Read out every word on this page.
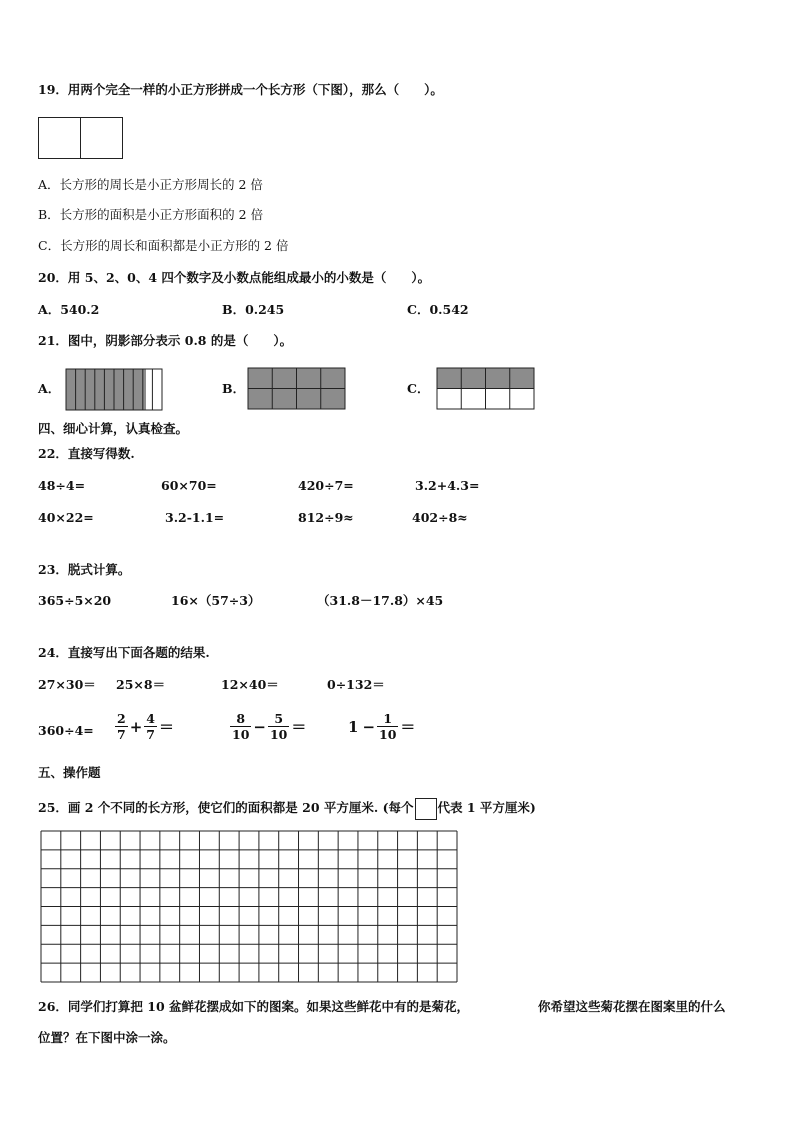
19．用两个完全一样的小正方形拼成一个长方形（下图），那么（　　）。
A．长方形的周长是小正方形周长的 2 倍
B．长方形的面积是小正方形面积的 2 倍
C．长方形的周长和面积都是小正方形的 2 倍
20．用 5、2、0、4 四个数字及小数点能组成最小的小数是（　　）。
A．540.2	B．0.245	C．0.542
21．图中，阴影部分表示 0.8 的是（　　）。
A．	B．	C．
四、细心计算，认真检查。
22．直接写得数.
48÷4=	60×70=	420÷7=	3.2+4.3=
40×22=	3.2-1.1=	812÷9≈	402÷8≈
23．脱式计算。
365÷5×20	16×（57÷3）	（31.8－17.8）×45
24．直接写出下面各题的结果.
27×30＝ 25×8＝	12×40＝	0÷132＝
$360\div 4= \frac{2}{7} + \frac{4}{7}$ ＝	$\frac{8}{10} - \frac{5}{10}$ ＝	$1 - \frac{1}{10}$ ＝
五、操作题
25．画 2 个不同的长方形，使它们的面积都是 20 平方厘米. (每个 代表 1 平方厘米)
26．同学们打算把 10 盆鲜花摆成如下的图案。如果这些鲜花中有的是菊花，	你希望这些菊花摆在图案里的什么
位置？在下图中涂一涂。
